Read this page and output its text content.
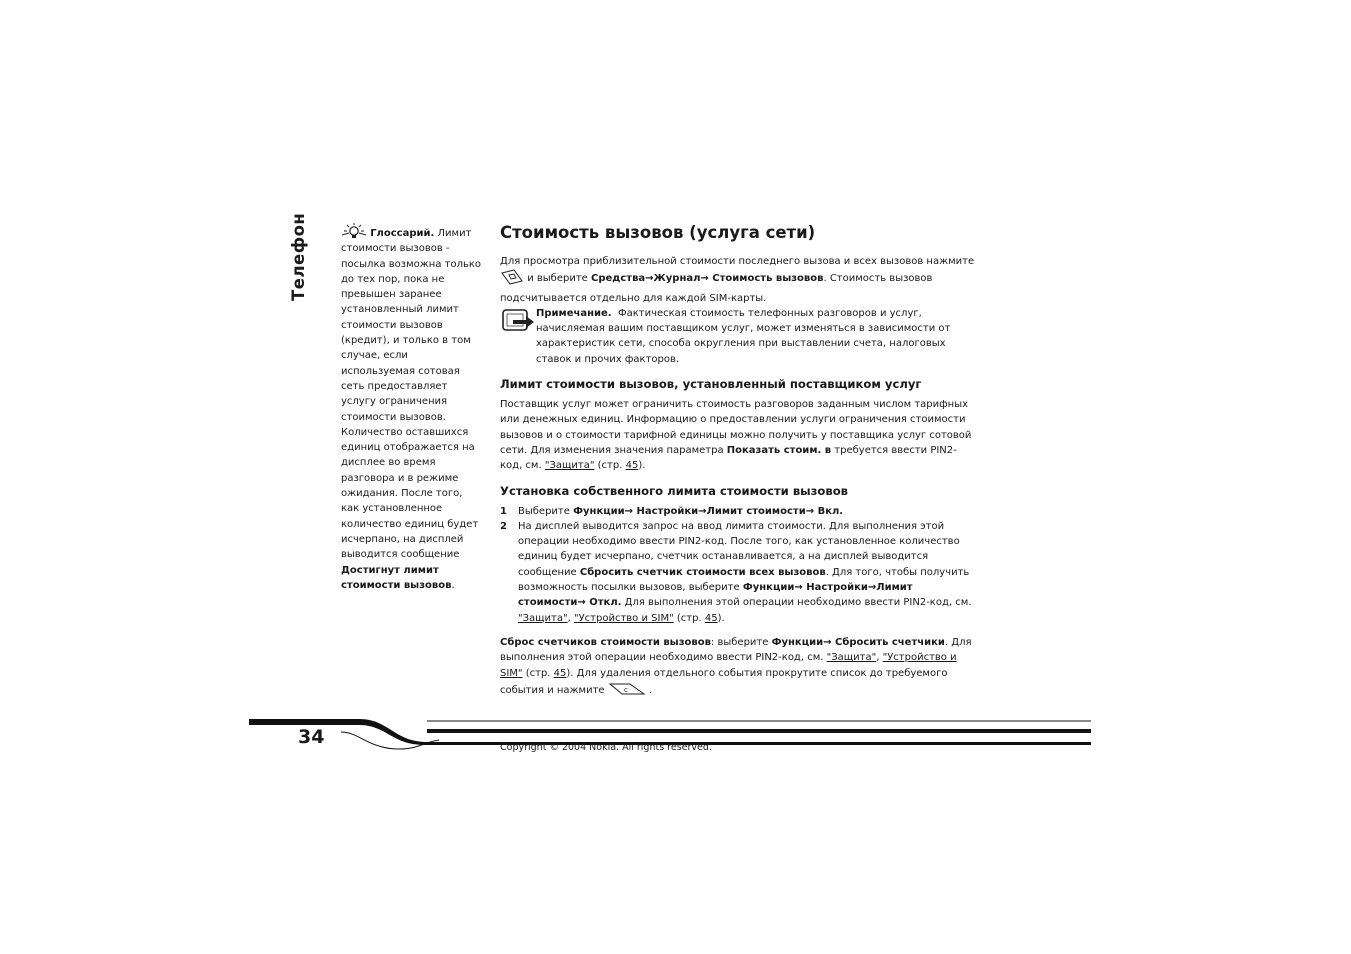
Телефон	Глоссарий. Лимит стоимости вызовов - посылка возможна только до тех пор, пока не превышен заранее установленный лимит стоимости вызовов (кредит), и только в том случае, если используемая сотовая сеть предоставляет услугу ограничения стоимости вызовов. Количество оставшихся единиц отображается на дисплее во время разговора и в режиме ожидания. После того, как установленное количество единиц будет исчерпано, на дисплей выводится сообщение Достигнут лимит стоимости вызовов.

Стоимость вызовов (услуга сети)

Для просмотра приблизительной стоимости последнего вызова и всех вызовов нажмите  и выберите Средства→Журнал→ Стоимость вызовов. Стоимость вызовов подсчитывается отдельно для каждой SIM-карты.

Примечание. Фактическая стоимость телефонных разговоров и услуг, начисляемая вашим поставщиком услуг, может изменяться в зависимости от характеристик сети, способа округления при выставлении счета, налоговых ставок и прочих факторов.

Лимит стоимости вызовов, установленный поставщиком услуг

Поставщик услуг может ограничить стоимость разговоров заданным числом тарифных или денежных единиц. Информацию о предоставлении услуги ограничения стоимости вызовов и о стоимости тарифной единицы можно получить у поставщика услуг сотовой сети. Для изменения значения параметра Показать стоим. в требуется ввести PIN2-код, см. "Защита" (стр. 45).

Установка собственного лимита стоимости вызовов
1 Выберите Функции→ Настройки→Лимит стоимости→ Вкл.
2 На дисплей выводится запрос на ввод лимита стоимости. Для выполнения этой операции необходимо ввести PIN2-код. После того, как установленное количество единиц будет исчерпано, счетчик останавливается, а на дисплей выводится сообщение Сбросить счетчик стоимости всех вызовов. Для того, чтобы получить возможность посылки вызовов, выберите Функции→ Настройки→Лимит стоимости→ Откл. Для выполнения этой операции необходимо ввести PIN2-код, см. "Защита", "Устройство и SIM" (стр. 45).

Сброс счетчиков стоимости вызовов: выберите Функции→ Сбросить счетчики. Для выполнения этой операции необходимо ввести PIN2-код, см. "Защита", "Устройство и SIM" (стр. 45). Для удаления отдельного события прокрутите список до требуемого события и нажмите	c .

34	Copyright © 2004 Nokia. All rights reserved.
